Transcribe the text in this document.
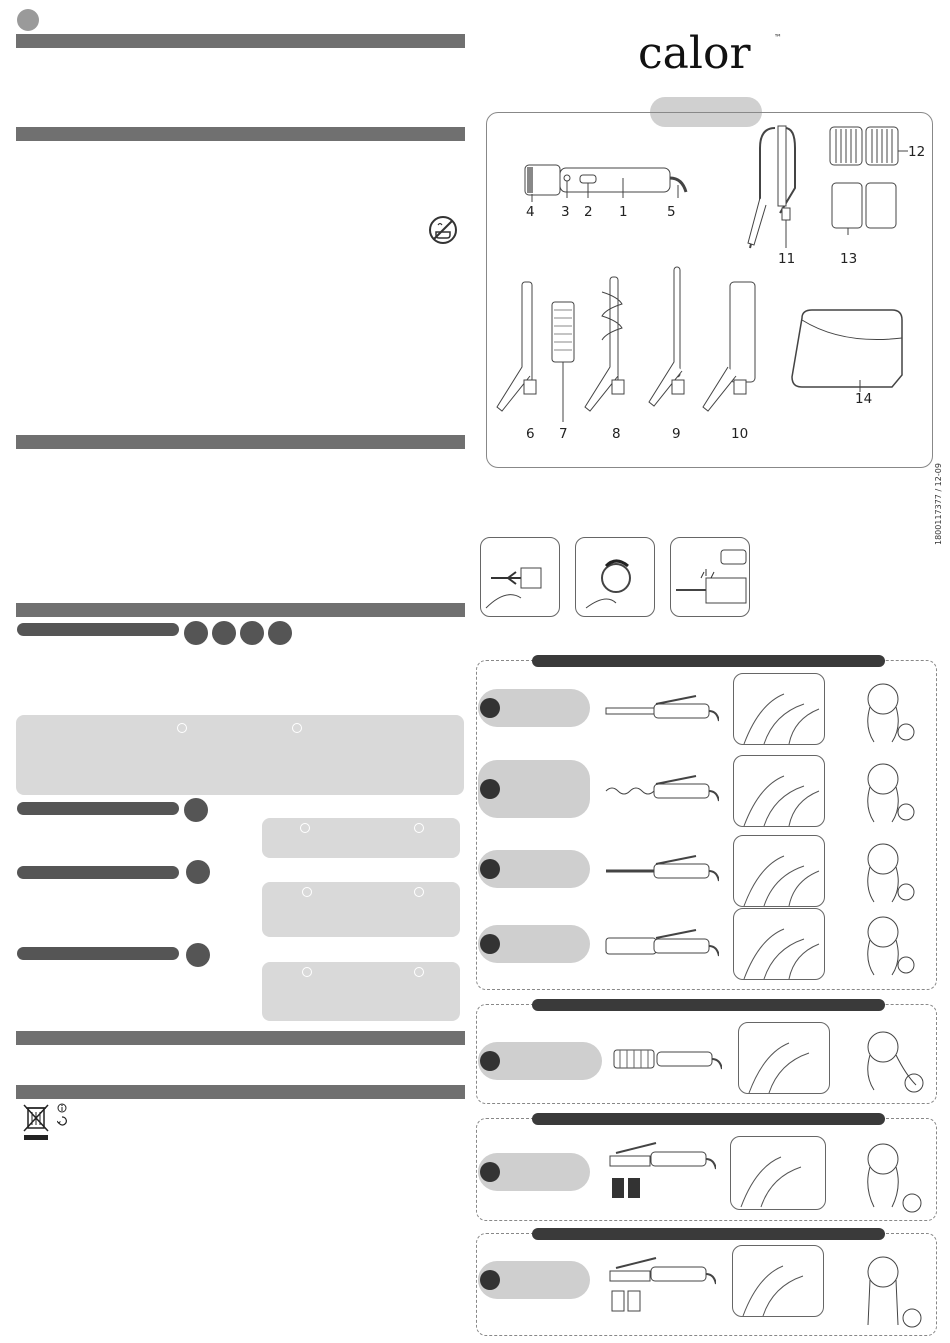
calor	™
4 3 2 1	5
11
12
13
6 7	8	9	10
14
1800117377 / 12-09
